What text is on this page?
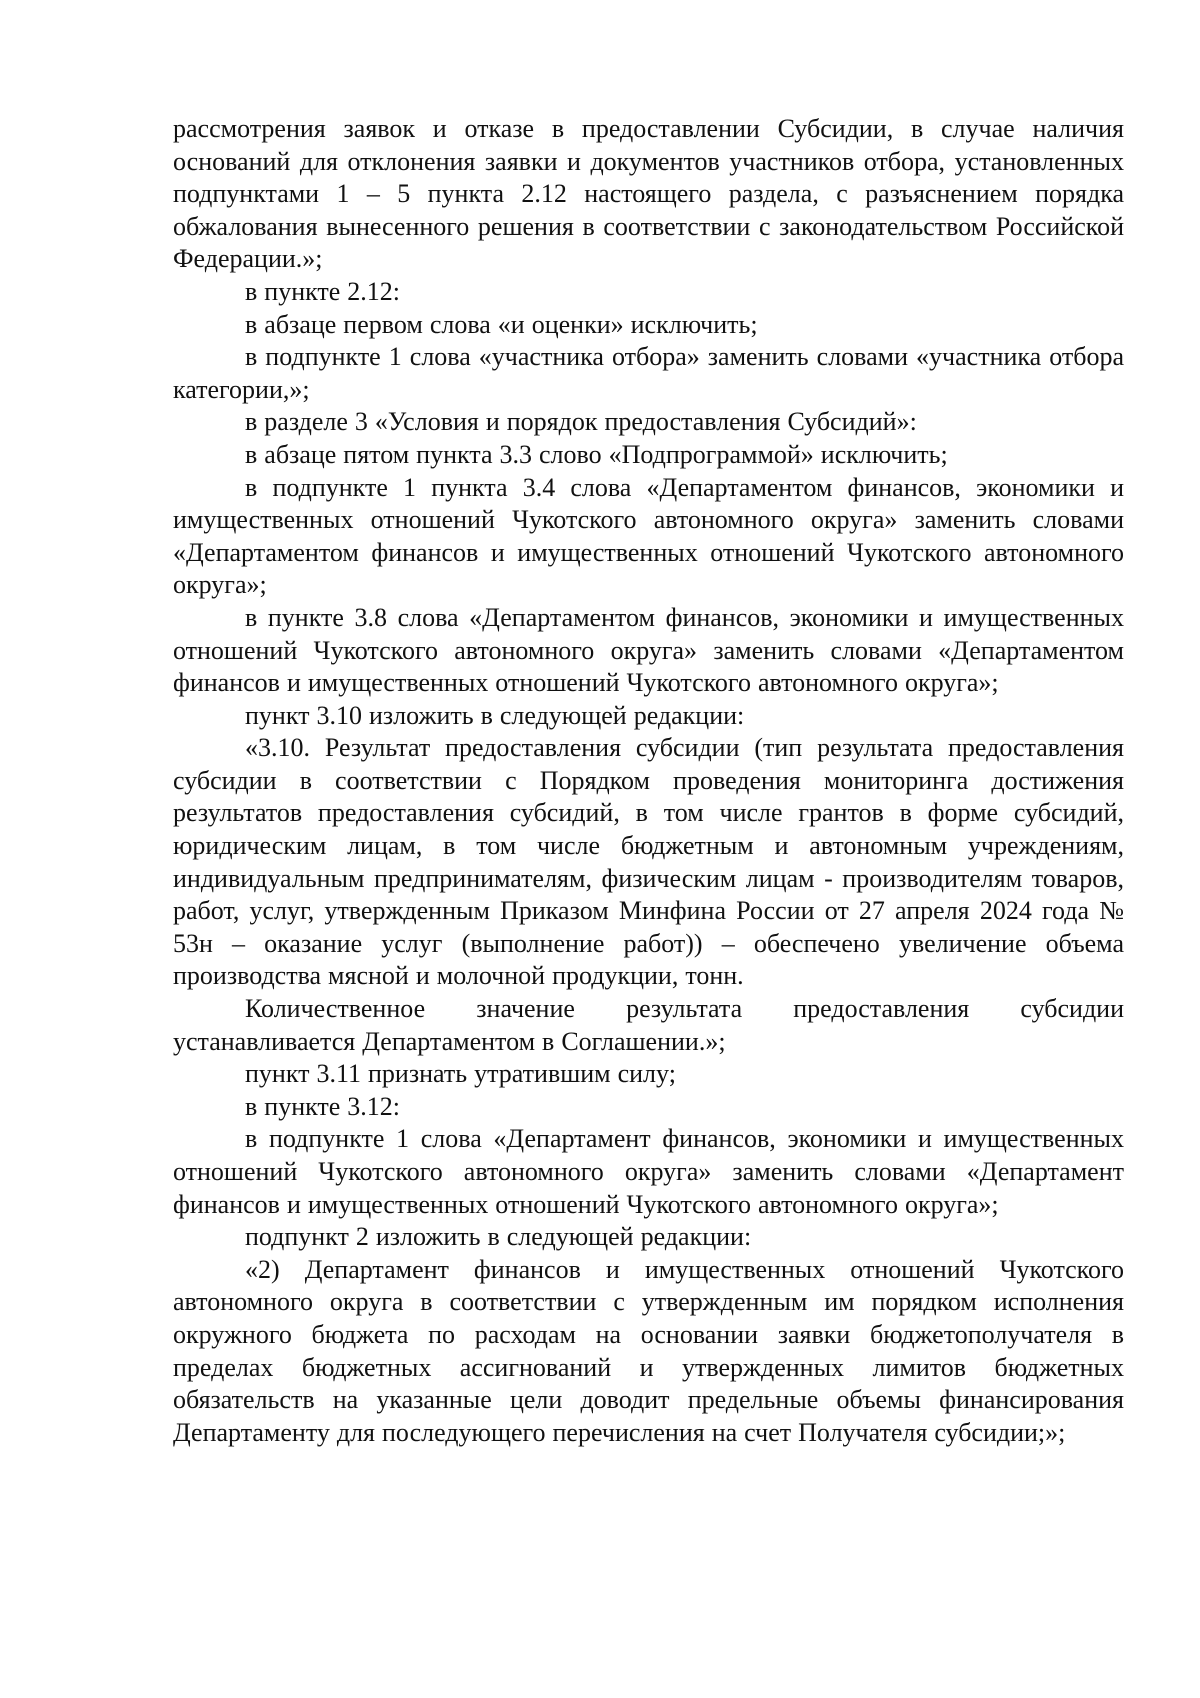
рассмотрения заявок и отказе в предоставлении Субсидии, в случае наличия оснований для отклонения заявки и документов участников отбора, установленных подпунктами 1 – 5 пункта 2.12 настоящего раздела, с разъяснением порядка обжалования вынесенного решения в соответствии с законодательством Российской Федерации.»;

в пункте 2.12:

в абзаце первом слова «и оценки» исключить;

в подпункте 1 слова «участника отбора» заменить словами «участника отбора категории,»;

в разделе 3 «Условия и порядок предоставления Субсидий»:

в абзаце пятом пункта 3.3 слово «Подпрограммой» исключить;

в подпункте 1 пункта 3.4 слова «Департаментом финансов, экономики и имущественных отношений Чукотского автономного округа» заменить словами «Департаментом финансов и имущественных отношений Чукотского автономного округа»;

в пункте 3.8 слова «Департаментом финансов, экономики и имущественных отношений Чукотского автономного округа» заменить словами «Департаментом финансов и имущественных отношений Чукотского автономного округа»;

пункт 3.10 изложить в следующей редакции:

«3.10. Результат предоставления субсидии (тип результата предоставления субсидии в соответствии с Порядком проведения мониторинга достижения результатов предоставления субсидий, в том числе грантов в форме субсидий, юридическим лицам, в том числе бюджетным и автономным учреждениям, индивидуальным предпринимателям, физическим лицам - производителям товаров, работ, услуг, утвержденным Приказом Минфина России от 27 апреля 2024 года № 53н – оказание услуг (выполнение работ)) – обеспечено увеличение объема производства мясной и молочной продукции, тонн.

Количественное значение результата предоставления субсидии устанавливается Департаментом в Соглашении.»;

пункт 3.11 признать утратившим силу;

в пункте 3.12:

в подпункте 1 слова «Департамент финансов, экономики и имущественных отношений Чукотского автономного округа» заменить словами «Департамент финансов и имущественных отношений Чукотского автономного округа»;

подпункт 2 изложить в следующей редакции:

«2) Департамент финансов и имущественных отношений Чукотского автономного округа в соответствии с утвержденным им порядком исполнения окружного бюджета по расходам на основании заявки бюджетополучателя в пределах бюджетных ассигнований и утвержденных лимитов бюджетных обязательств на указанные цели доводит предельные объемы финансирования Департаменту для последующего перечисления на счет Получателя субсидии;»;
